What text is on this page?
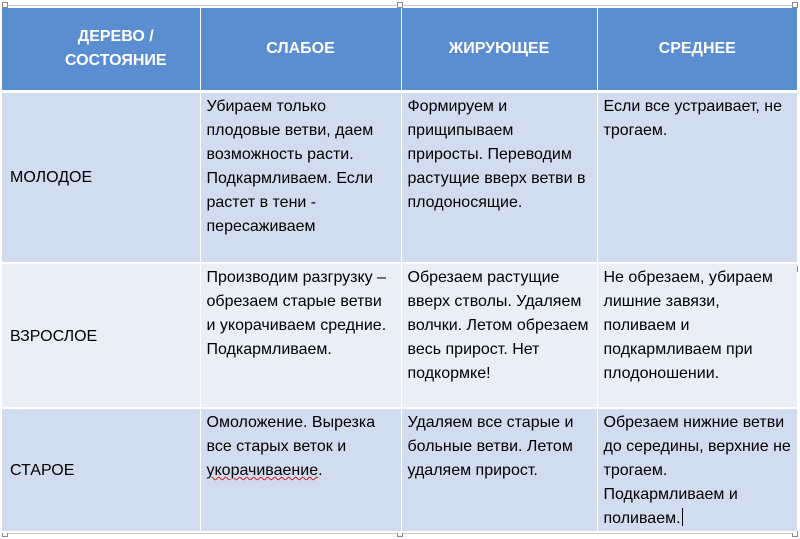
ДЕРЕВО / СОСТОЯНИЕ	СЛАБОЕ	ЖИРУЮЩЕЕ	СРЕДНЕЕ
МОЛОДОЕ	Убираем только плодовые ветви, даем возможность расти. Подкармливаем. Если растет в тени - пересаживаем	Формируем и прищипываем приросты. Переводим растущие вверх ветви в плодоносящие.	Если все устраивает, не трогаем.
ВЗРОСЛОЕ	Производим разгрузку – обрезаем старые ветви и укорачиваем средние. Подкармливаем.	Обрезаем растущие вверх стволы. Удаляем волчки. Летом обрезаем весь прирост. Нет подкормке!	Не обрезаем, убираем лишние завязи, поливаем и подкармливаем при плодоношении.
СТАРОЕ	Омоложение. Вырезка все старых веток и укорачиваение.	Удаляем все старые и больные ветви. Летом удаляем прирост.	Обрезаем нижние ветви до середины, верхние не трогаем. Подкармливаем и поливаем.
